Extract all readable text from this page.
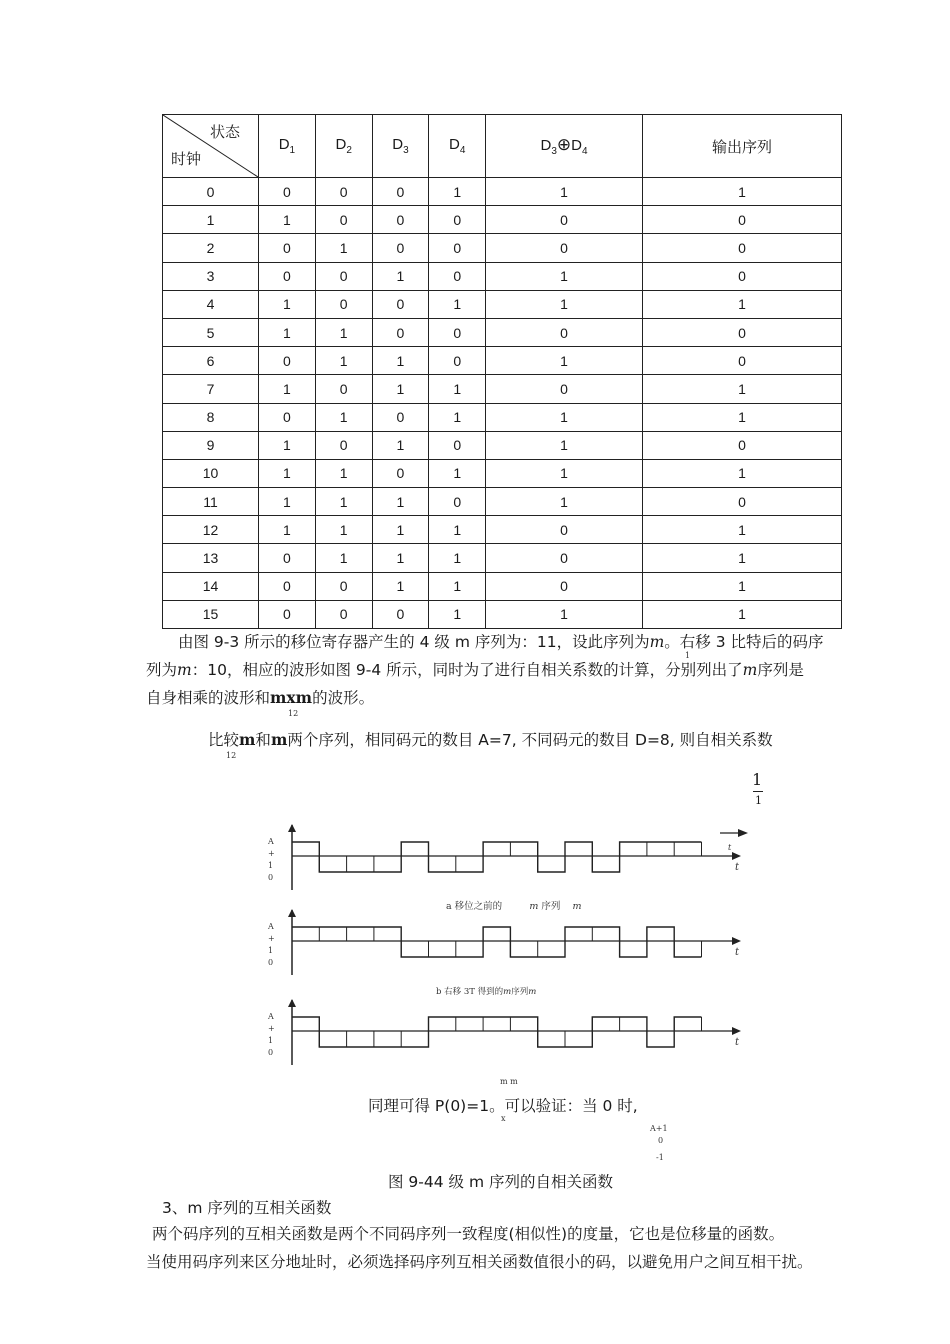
状态
时钟	$D_1$	$D_2$	$D_3$	$D_4$	$D_3\oplus D_4$	输出序列
0	0	0	0	1	1	1
1	1	0	0	0	0	0
2	0	1	0	0	0	0
3	0	0	1	0	1	0
4	1	0	0	1	1	1
5	1	1	0	0	0	0
6	0	1	1	0	1	0
7	1	0	1	1	0	1
8	0	1	0	1	1	1
9	1	0	1	0	1	0
10	1	1	0	1	1	1
11	1	1	1	0	1	0
12	1	1	1	1	0	1
13	0	1	1	1	0	1
14	0	0	1	1	0	1
15	0	0	0	1	1	1
由图 9-3 所示的移位寄存器产生的 4 级 m 序列为：11，设此序列为m。右移 3 比特后的码序
1
列为m：10，相应的波形如图 9-4 所示，同时为了进行自相关系数的计算，分别列出了m序列是
自身相乘的波形和mxm的波形。
12
比较m和m两个序列，相同码元的数目 A=7, 不同码元的数目 D=8, 则自相关系数
12
1
1
A
+
1
0
t
A
+
1
0
t
A
+
1
0
t
t
a 移位之前的	m 序列 m
b 右移 3T 得到的m序列m
m m
同理可得 P(0)=1。可以验证：当 0 时,
x
A+1
0
-1
图 9-44 级 m 序列的自相关函数
3、m 序列的互相关函数
两个码序列的互相关函数是两个不同码序列一致程度(相似性)的度量，它也是位移量的函数。
当使用码序列来区分地址时，必须选择码序列互相关函数值很小的码，以避免用户之间互相干扰。
